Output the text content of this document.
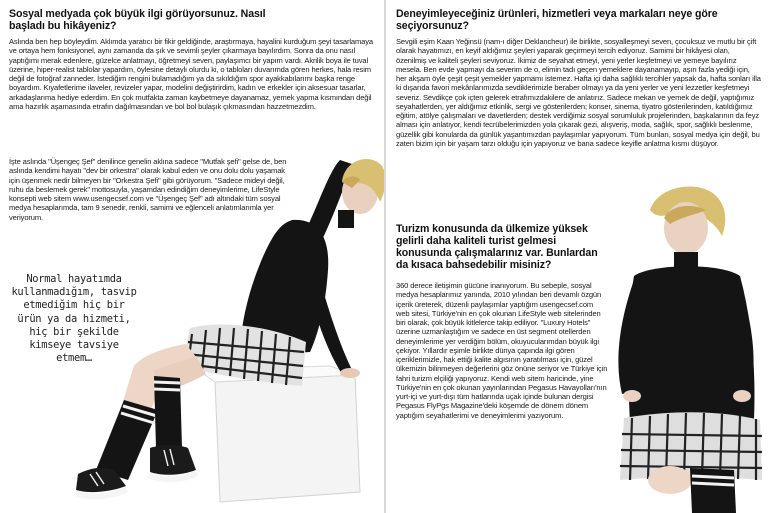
Sosyal medyada çok büyük ilgi görüyorsunuz. Nasıl başladı bu hikâyeniz?

Aslında ben hep böyleydim. Aklımda yaratıcı bir fikir geldiğinde, araştırmaya, hayalini kurduğum şeyi tasarlamaya ve ortaya hem fonksiyonel, aynı zamanda da şık ve sevimli şeyler çıkarmaya bayılırdım. Sonra da onu nasıl yaptığımı merak edenlere, güzelce anlatmayı, öğretmeyi seven, paylaşımcı bir yapım vardı. Akrilik boya ile tuval üzerine, hiper-realist tablolar yapardım, öylesine detaylı olurdu ki, o tabloları duvarımda gören herkes, hala resim değil de fotoğraf zanneder. İstediğim rengini bulamadığım ya da sıkıldığım spor ayakkabılarımı başka renge boyardım. Kıyafetlerime ilaveler, revizeler yapar, modelini değiştirirdim, kadın ve erkekler için aksesuar tasarlar, arkadaşlarıma hediye ederdim. En çok mutfakta zaman kaybetmeye dayanamaz, yemek yapma kısmından değil ama hazırlık aşamasında etrafın dağılmasından ve bol bol bulaşık çıkmasından hazzetmezdim.

İşte aslında "Üşengeç Şef" denilince genelin aklına sadece "Mutfak şefi" gelse de, ben aslında kendimi hayatı "dev bir orkestra" olarak kabul eden ve onu dolu dolu yaşamak için üşenmek nedir bilmeyen bir "Orkestra Şefi" gibi görüyorum. "Sadece mideyi değil, ruhu da beslemek gerek" mottosuyla, yaşamdan edindiğim deneyimlerime, LifeStyle konsepti web sitem www.usengecsef.com ve "Üşengeç Şef" adı altındaki tüm sosyal medya hesaplarımda, tam 9 senedir, renkli, samimi ve eğlenceli anlatımlarımla yer veriyorum.

Normal hayatımda kullanmadığım, tasvip etmediğim hiç bir ürün ya da hizmeti, hiç bir şekilde kimseye tavsiye etmem…

Deneyimleyeceğiniz ürünleri, hizmetleri veya markaları neye göre seçiyorsunuz?
Sevgili eşim Kaan Yeğinsü (nam-ı diğer Deklancheur) ile birlikte, sosyalleşmeyi seven, çocuksuz ve mutlu bir çift olarak hayatımızı, en keyif aldığımız şeyleri yaparak geçirmeyi tercih ediyoruz. Samimi bir hikâyesi olan, özenilmiş ve kaliteli şeyleri seviyoruz. İkimiz de seyahat etmeyi, yeni yerler keşfetmeyi ve yemeye bayılırız mesela. Ben evde yapmayı da severim de o, elimin tadı geçen yemeklere dayanamayıp, aşırı fazla yediği için, her akşam öyle çeşit çeşit yemekler yapmamı istemez. Hafta içi daha sağlıklı tercihler yapsak da, hafta sonları illa ki dışarıda favori mekânlarımızda sevdiklerimizle beraber olmayı ya da yeni yerler ve yeni lezzetler keşfetmeyi severiz. Sevdikçe çok içten gelerek etrafımızdakilere de anlatırız. Sadece mekan ve yemek de değil, yaptığımız seyahatlerden, yer aldığımız etkinlik, sergi ve gösterilerden; konser, sinema, tiyatro gösterilerinden, katıldığımız eğitim, atölye çalışmaları ve davetlerden; destek verdiğimiz sosyal sorumluluk projelerinden, başkalarının da feyz alması için anlatıyor, kendi tecrübelerimizden yola çıkarak gezi, alışveriş, moda, sağlık, spor, sağlıklı beslenme, güzellik gibi konularda da günlük yaşantımızdan paylaşımlar yapıyorum. Tüm bunları, sosyal medya için değil, bu zaten bizim için bir yaşam tarzı olduğu için yapıyoruz ve bana sadece keyifle anlatma kısmı düşüyor.
Turizm konusunda da ülkemize yüksek gelirli daha kaliteli turist gelmesi konusunda çalışmalarınız var. Bunlardan da kısaca bahsedebilir misiniz?
360 derece iletişimin gücüne inanıyorum. Bu sebeple, sosyal medya hesaplarımız yanında, 2010 yılından beri devamlı özgün içerik üreterek, düzenli paylaşımlar yaptığım usengecsef.com web sitesi, Türkiye'nin en çok okunan LifeStyle web sitelerinden biri olarak, çok büyük kitlelerce takip ediliyor. "Luxury Hotels" üzerine uzmanlaştığım ve sadece en üst segment otellerden deneyimlerime yer verdiğim bölüm, okuyucularımdan büyük ilgi çekiyor. Yıllardır eşimle birlikte dünya çapında ilgi gören içeriklerimizle, hak ettiği kalite algısının yaratılması için, güzel ülkemizin bilinmeyen değerlerini göz önüne seriyor ve Türkiye için fahri turizm elçiliği yapıyoruz. Kendi web sitem haricinde, yine Türkiye'nin en çok okunan yayınlarından Pegasus Havayolları'nın yurt-içi ve yurt-dışı tüm hatlarında uçak içinde bulunan dergisi Pegasus FlyPgs Magazine'deki köşemde de dönem dönem yaptığım seyahatlerimi ve deneyimlerimi yazıyorum.
